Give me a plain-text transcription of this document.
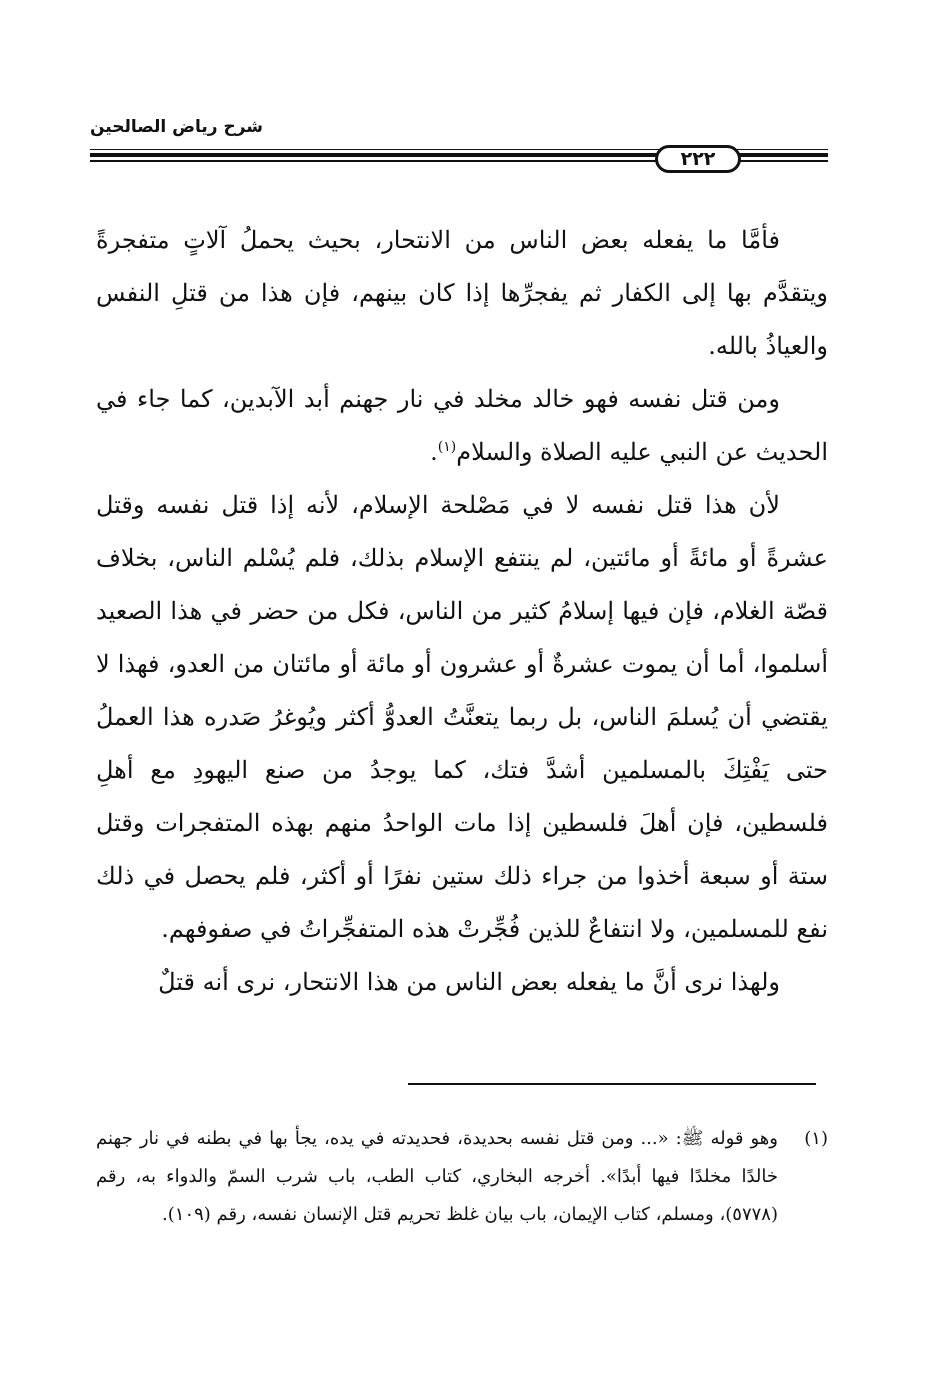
شرح رياض الصالحين
٢٢٢

فأمَّا ما يفعله بعض الناس من الانتحار، بحيث يحملُ آلاتٍ متفجرةً ويتقدَّم بها إلى الكفار ثم يفجرِّها إذا كان بينهم، فإن هذا من قتلِ النفس والعياذُ بالله.

ومن قتل نفسه فهو خالد مخلد في نار جهنم أبد الآبدين، كما جاء في الحديث عن النبي عليه الصلاة والسلام$^{(١)}$.

لأن هذا قتل نفسه لا في مَصْلحة الإسلام، لأنه إذا قتل نفسه وقتل عشرةً أو مائةً أو مائتين، لم ينتفع الإسلام بذلك، فلم يُسْلم الناس، بخلاف قصّة الغلام، فإن فيها إسلامُ كثير من الناس، فكل من حضر في هذا الصعيد أسلموا، أما أن يموت عشرةٌ أو عشرون أو مائة أو مائتان من العدو، فهذا لا يقتضي أن يُسلمَ الناس، بل ربما يتعنَّتُ العدوُّ أكثر ويُوغرُ صَدره هذا العملُ حتى يَفْتِكَ بالمسلمين أشدَّ فتك، كما يوجدُ من صنع اليهودِ مع أهلِ فلسطين، فإن أهلَ فلسطين إذا مات الواحدُ منهم بهذه المتفجرات وقتل ستة أو سبعة أخذوا من جراء ذلك ستين نفرًا أو أكثر، فلم يحصل في ذلك نفع للمسلمين، ولا انتفاعٌ للذين فُجِّرتْ هذه المتفجِّراتُ في صفوفهم.

ولهذا نرى أنَّ ما يفعله بعض الناس من هذا الانتحار، نرى أنه قتلٌ

(١)
وهو قوله ﷺ: «... ومن قتل نفسه بحديدة، فحديدته في يده، يجأ بها في بطنه في نار جهنم خالدًا مخلدًا فيها أبدًا». أخرجه البخاري، كتاب الطب، باب شرب السمّ والدواء به، رقم (٥٧٧٨)، ومسلم، كتاب الإيمان، باب بيان غلظ تحريم قتل الإنسان نفسه، رقم (١٠٩).
